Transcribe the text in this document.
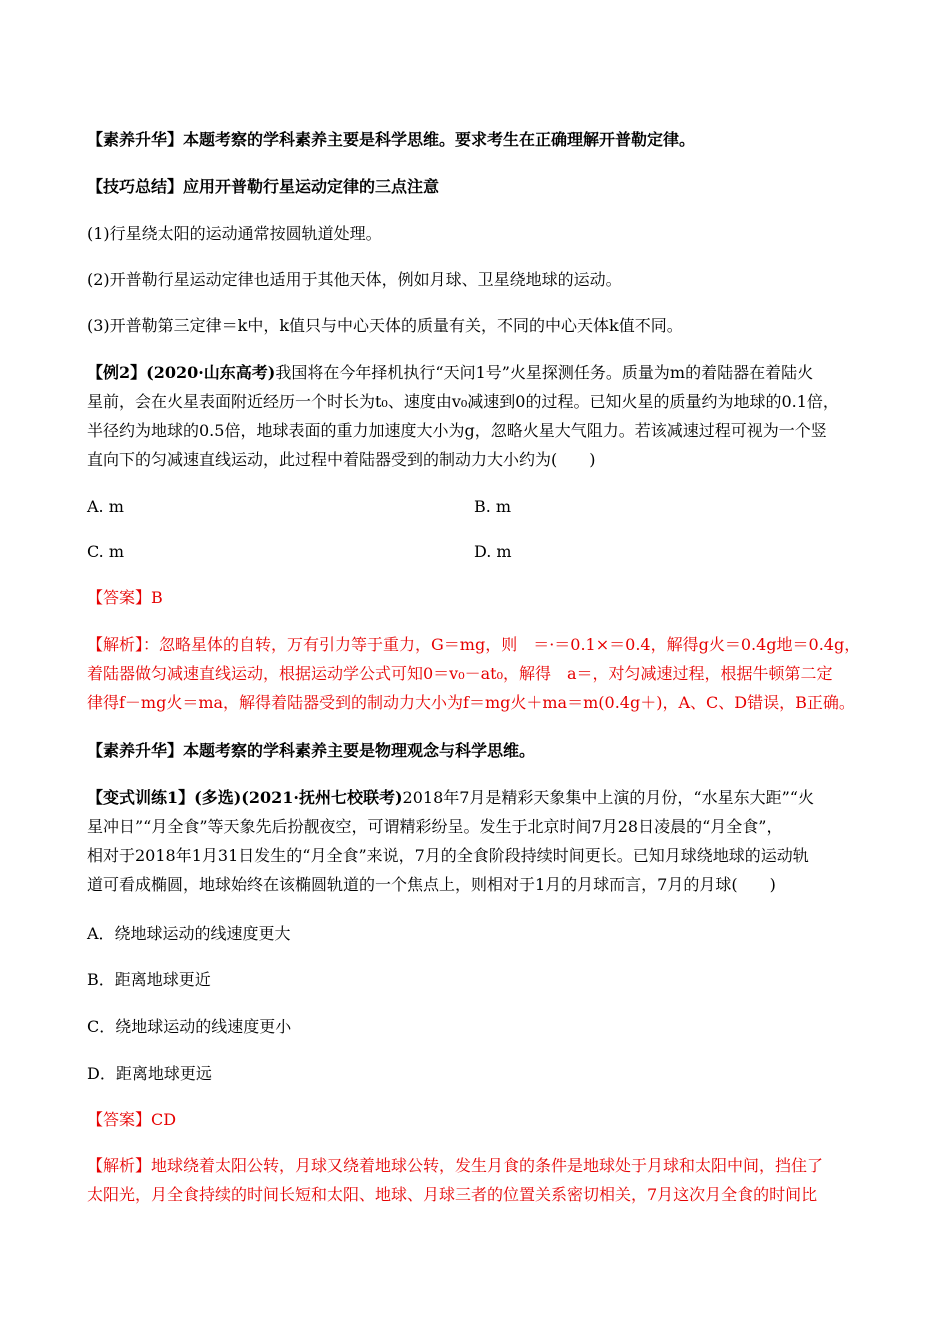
【素养升华】本题考察的学科素养主要是科学思维。要求考生在正确理解开普勒定律。
【技巧总结】应用开普勒行星运动定律的三点注意
(1)行星绕太阳的运动通常按圆轨道处理。
(2)开普勒行星运动定律也适用于其他天体，例如月球、卫星绕地球的运动。
(3)开普勒第三定律＝k中，k值只与中心天体的质量有关，不同的中心天体k值不同。
【例2】(2020·山东高考)我国将在今年择机执行“天问1号”火星探测任务。质量为m的着陆器在着陆火
星前，会在火星表面附近经历一个时长为t₀、速度由v₀减速到0的过程。已知火星的质量约为地球的0.1倍，
半径约为地球的0.5倍，地球表面的重力加速度大小为g，忽略火星大气阻力。若该减速过程可视为一个竖
直向下的匀减速直线运动，此过程中着陆器受到的制动力大小约为(　　)
A. m	B. m
C. m	D. m
【答案】B
【解析】：忽略星体的自转，万有引力等于重力，G＝mg，则　＝·＝0.1×＝0.4，解得g火＝0.4g地＝0.4g，
着陆器做匀减速直线运动，根据运动学公式可知0＝v₀－at₀，解得　a＝，对匀减速过程，根据牛顿第二定
律得f－mg火＝ma，解得着陆器受到的制动力大小为f＝mg火＋ma＝m(0.4g＋)，A、C、D错误，B正确。
【素养升华】本题考察的学科素养主要是物理观念与科学思维。
【变式训练1】(多选)(2021·抚州七校联考)2018年7月是精彩天象集中上演的月份，“水星东大距”“火
星冲日”“月全食”等天象先后扮靓夜空，可谓精彩纷呈。发生于北京时间7月28日凌晨的“月全食”，
相对于2018年1月31日发生的“月全食”来说，7月的全食阶段持续时间更长。已知月球绕地球的运动轨
道可看成椭圆，地球始终在该椭圆轨道的一个焦点上，则相对于1月的月球而言，7月的月球(　　)
A．绕地球运动的线速度更大
B．距离地球更近
C．绕地球运动的线速度更小
D．距离地球更远
【答案】CD
【解析】地球绕着太阳公转，月球又绕着地球公转，发生月食的条件是地球处于月球和太阳中间，挡住了
太阳光，月全食持续的时间长短和太阳、地球、月球三者的位置关系密切相关，7月这次月全食的时间比
